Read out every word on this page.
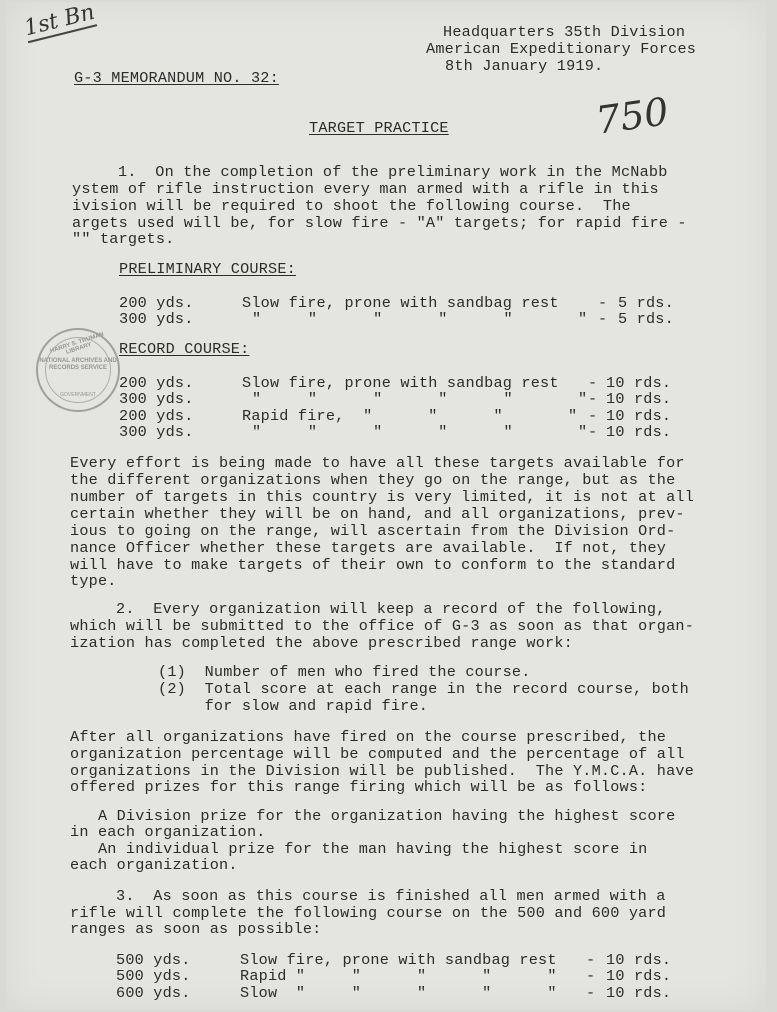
1st Bn	Headquarters 35th Division
American Expeditionary Forces
8th January 1919.
G-3 MEMORANDUM NO. 32:
750
TARGET PRACTICE
1.  On the completion of the preliminary work in the McNabb
ystem of rifle instruction every man armed with a rifle in this
ivision will be required to shoot the following course.  The
argets used will be, for slow fire - "A" targets; for rapid fire -
"" targets.
PRELIMINARY COURSE:
200 yds.	Slow fire, prone with sandbag rest	- 5 rds.
300 yds.	"     "      "      "      "       " - 5 rds.
HARRY S. TRUMAN LIBRARY
NATIONAL ARCHIVES AND RECORDS SERVICE
GOVERNMENT
RECORD COURSE:
200 yds.	Slow fire, prone with sandbag rest - 10 rds.
300 yds.	"     "      "      "      "       " - 10 rds.
200 yds.	Rapid fire,  "      "      "       " - 10 rds.
300 yds.	"     "      "      "      "       " - 10 rds.
Every effort is being made to have all these targets available for
the different organizations when they go on the range, but as the
number of targets in this country is very limited, it is not at all
certain whether they will be on hand, and all organizations, prev-
ious to going on the range, will ascertain from the Division Ord-
nance Officer whether these targets are available.  If not, they
will have to make targets of their own to conform to the standard
type.
2.  Every organization will keep a record of the following,
which will be submitted to the office of G-3 as soon as that organ-
ization has completed the above prescribed range work:
(1)  Number of men who fired the course.
(2)  Total score at each range in the record course, both
for slow and rapid fire.
After all organizations have fired on the course prescribed, the
organization percentage will be computed and the percentage of all
organizations in the Division will be published.  The Y.M.C.A. have
offered prizes for this range firing which will be as follows:
A Division prize for the organization having the highest score
in each organization.
An individual prize for the man having the highest score in
each organization.
3.  As soon as this course is finished all men armed with a
rifle will complete the following course on the 500 and 600 yard
ranges as soon as possible:
500 yds.	Slow fire, prone with sandbag rest - 10 rds.
500 yds.	Rapid "     "      "      "      " - 10 rds.
600 yds.	Slow  "     "      "      "      " - 10 rds.
